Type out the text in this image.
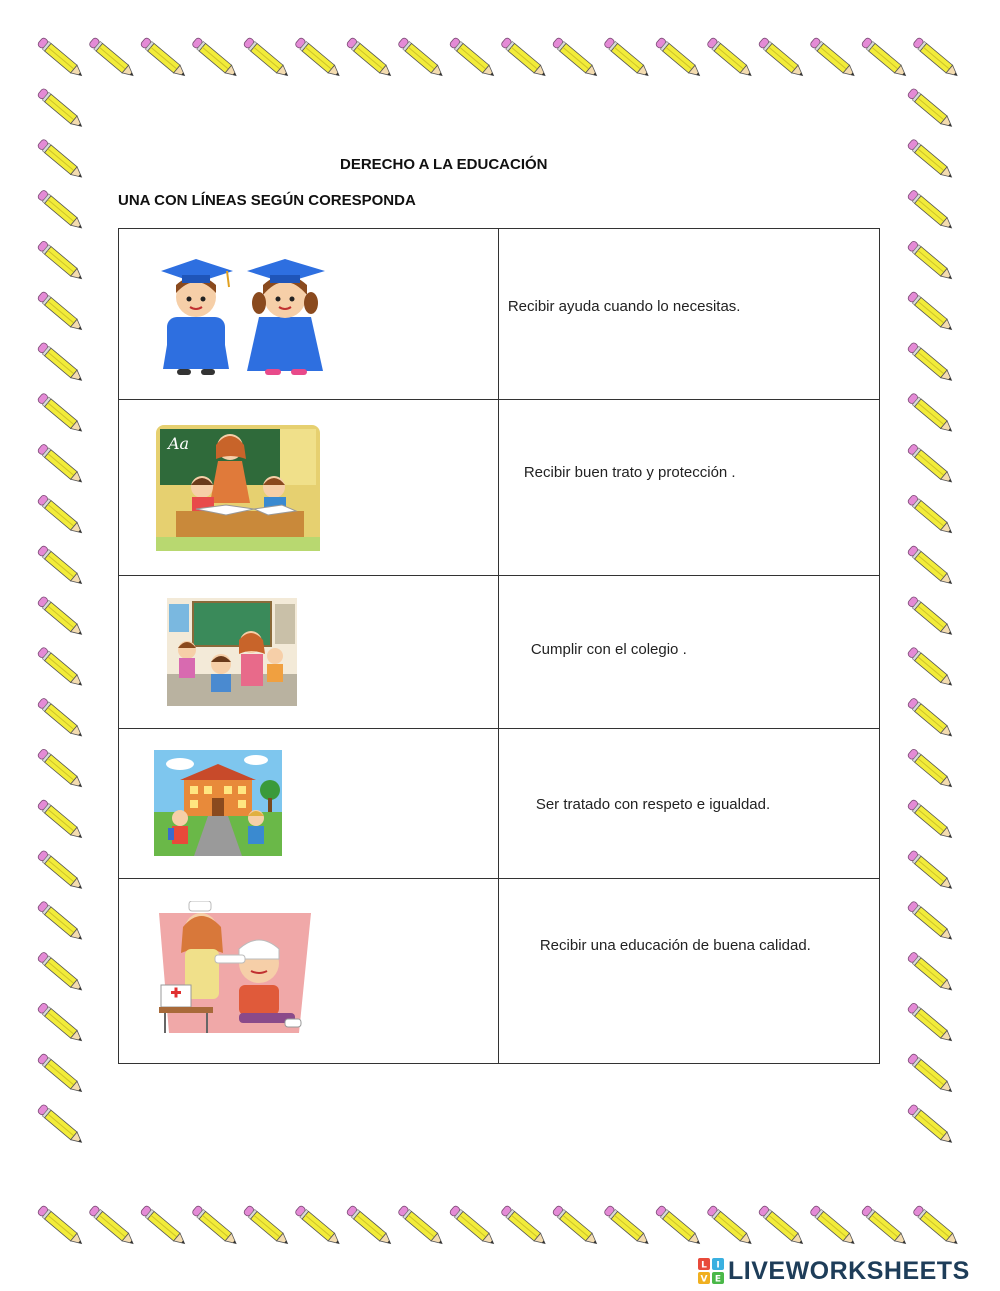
DERECHO A LA EDUCACIÓN
UNA CON LÍNEAS SEGÚN CORESPONDA

Recibir ayuda cuando lo necesitas.

Aa	Recibir buen trato y protección .

Cumplir con el colegio .

Ser tratado con respeto e igualdad.

Recibir una educación de buena calidad.
L I
V E LIVEWORKSHEETS
